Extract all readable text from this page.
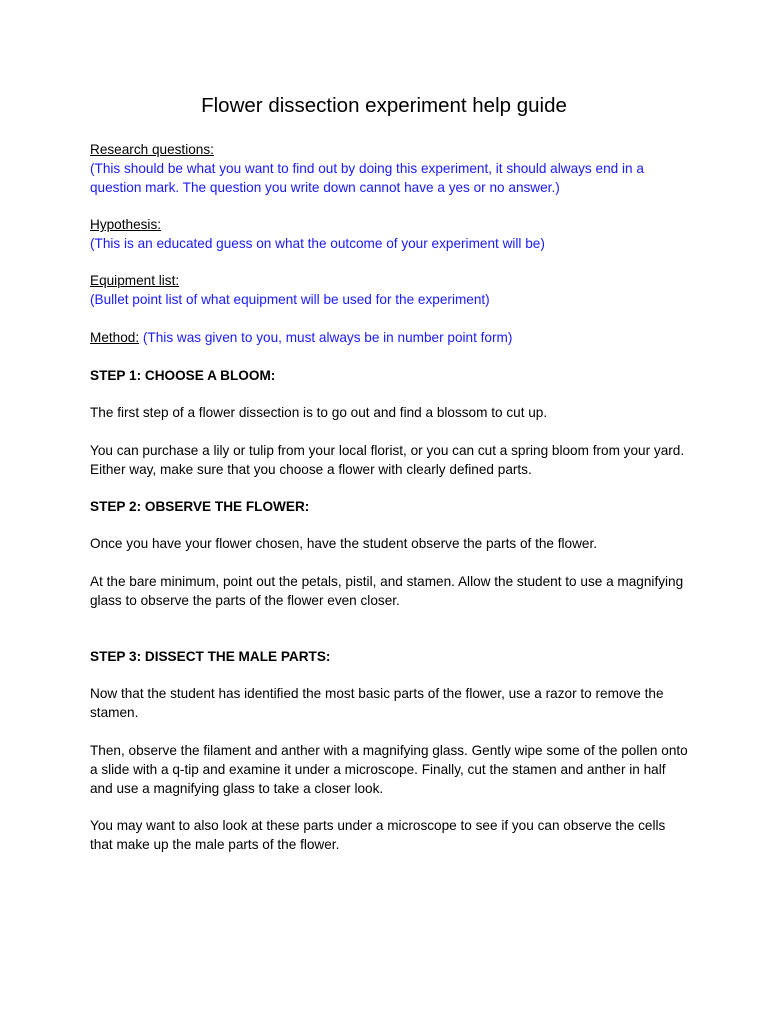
Flower dissection experiment help guide

Research questions:

(This should be what you want to find out by doing this experiment, it should always end in a question mark. The question you write down cannot have a yes or no answer.)

Hypothesis:

(This is an educated guess on what the outcome of your experiment will be)

Equipment list:

(Bullet point list of what equipment will be used for the experiment)

Method: (This was given to you, must always be in number point form)

STEP 1: CHOOSE A BLOOM:
The first step of a flower dissection is to go out and find a blossom to cut up.
You can purchase a lily or tulip from your local florist, or you can cut a spring bloom from your yard. Either way, make sure that you choose a flower with clearly defined parts.
STEP 2: OBSERVE THE FLOWER:
Once you have your flower chosen, have the student observe the parts of the flower.
At the bare minimum, point out the petals, pistil, and stamen. Allow the student to use a magnifying glass to observe the parts of the flower even closer.
STEP 3: DISSECT THE MALE PARTS:
Now that the student has identified the most basic parts of the flower, use a razor to remove the stamen.
Then, observe the filament and anther with a magnifying glass. Gently wipe some of the pollen onto a slide with a q-tip and examine it under a microscope. Finally, cut the stamen and anther in half and use a magnifying glass to take a closer look.
You may want to also look at these parts under a microscope to see if you can observe the cells that make up the male parts of the flower.
